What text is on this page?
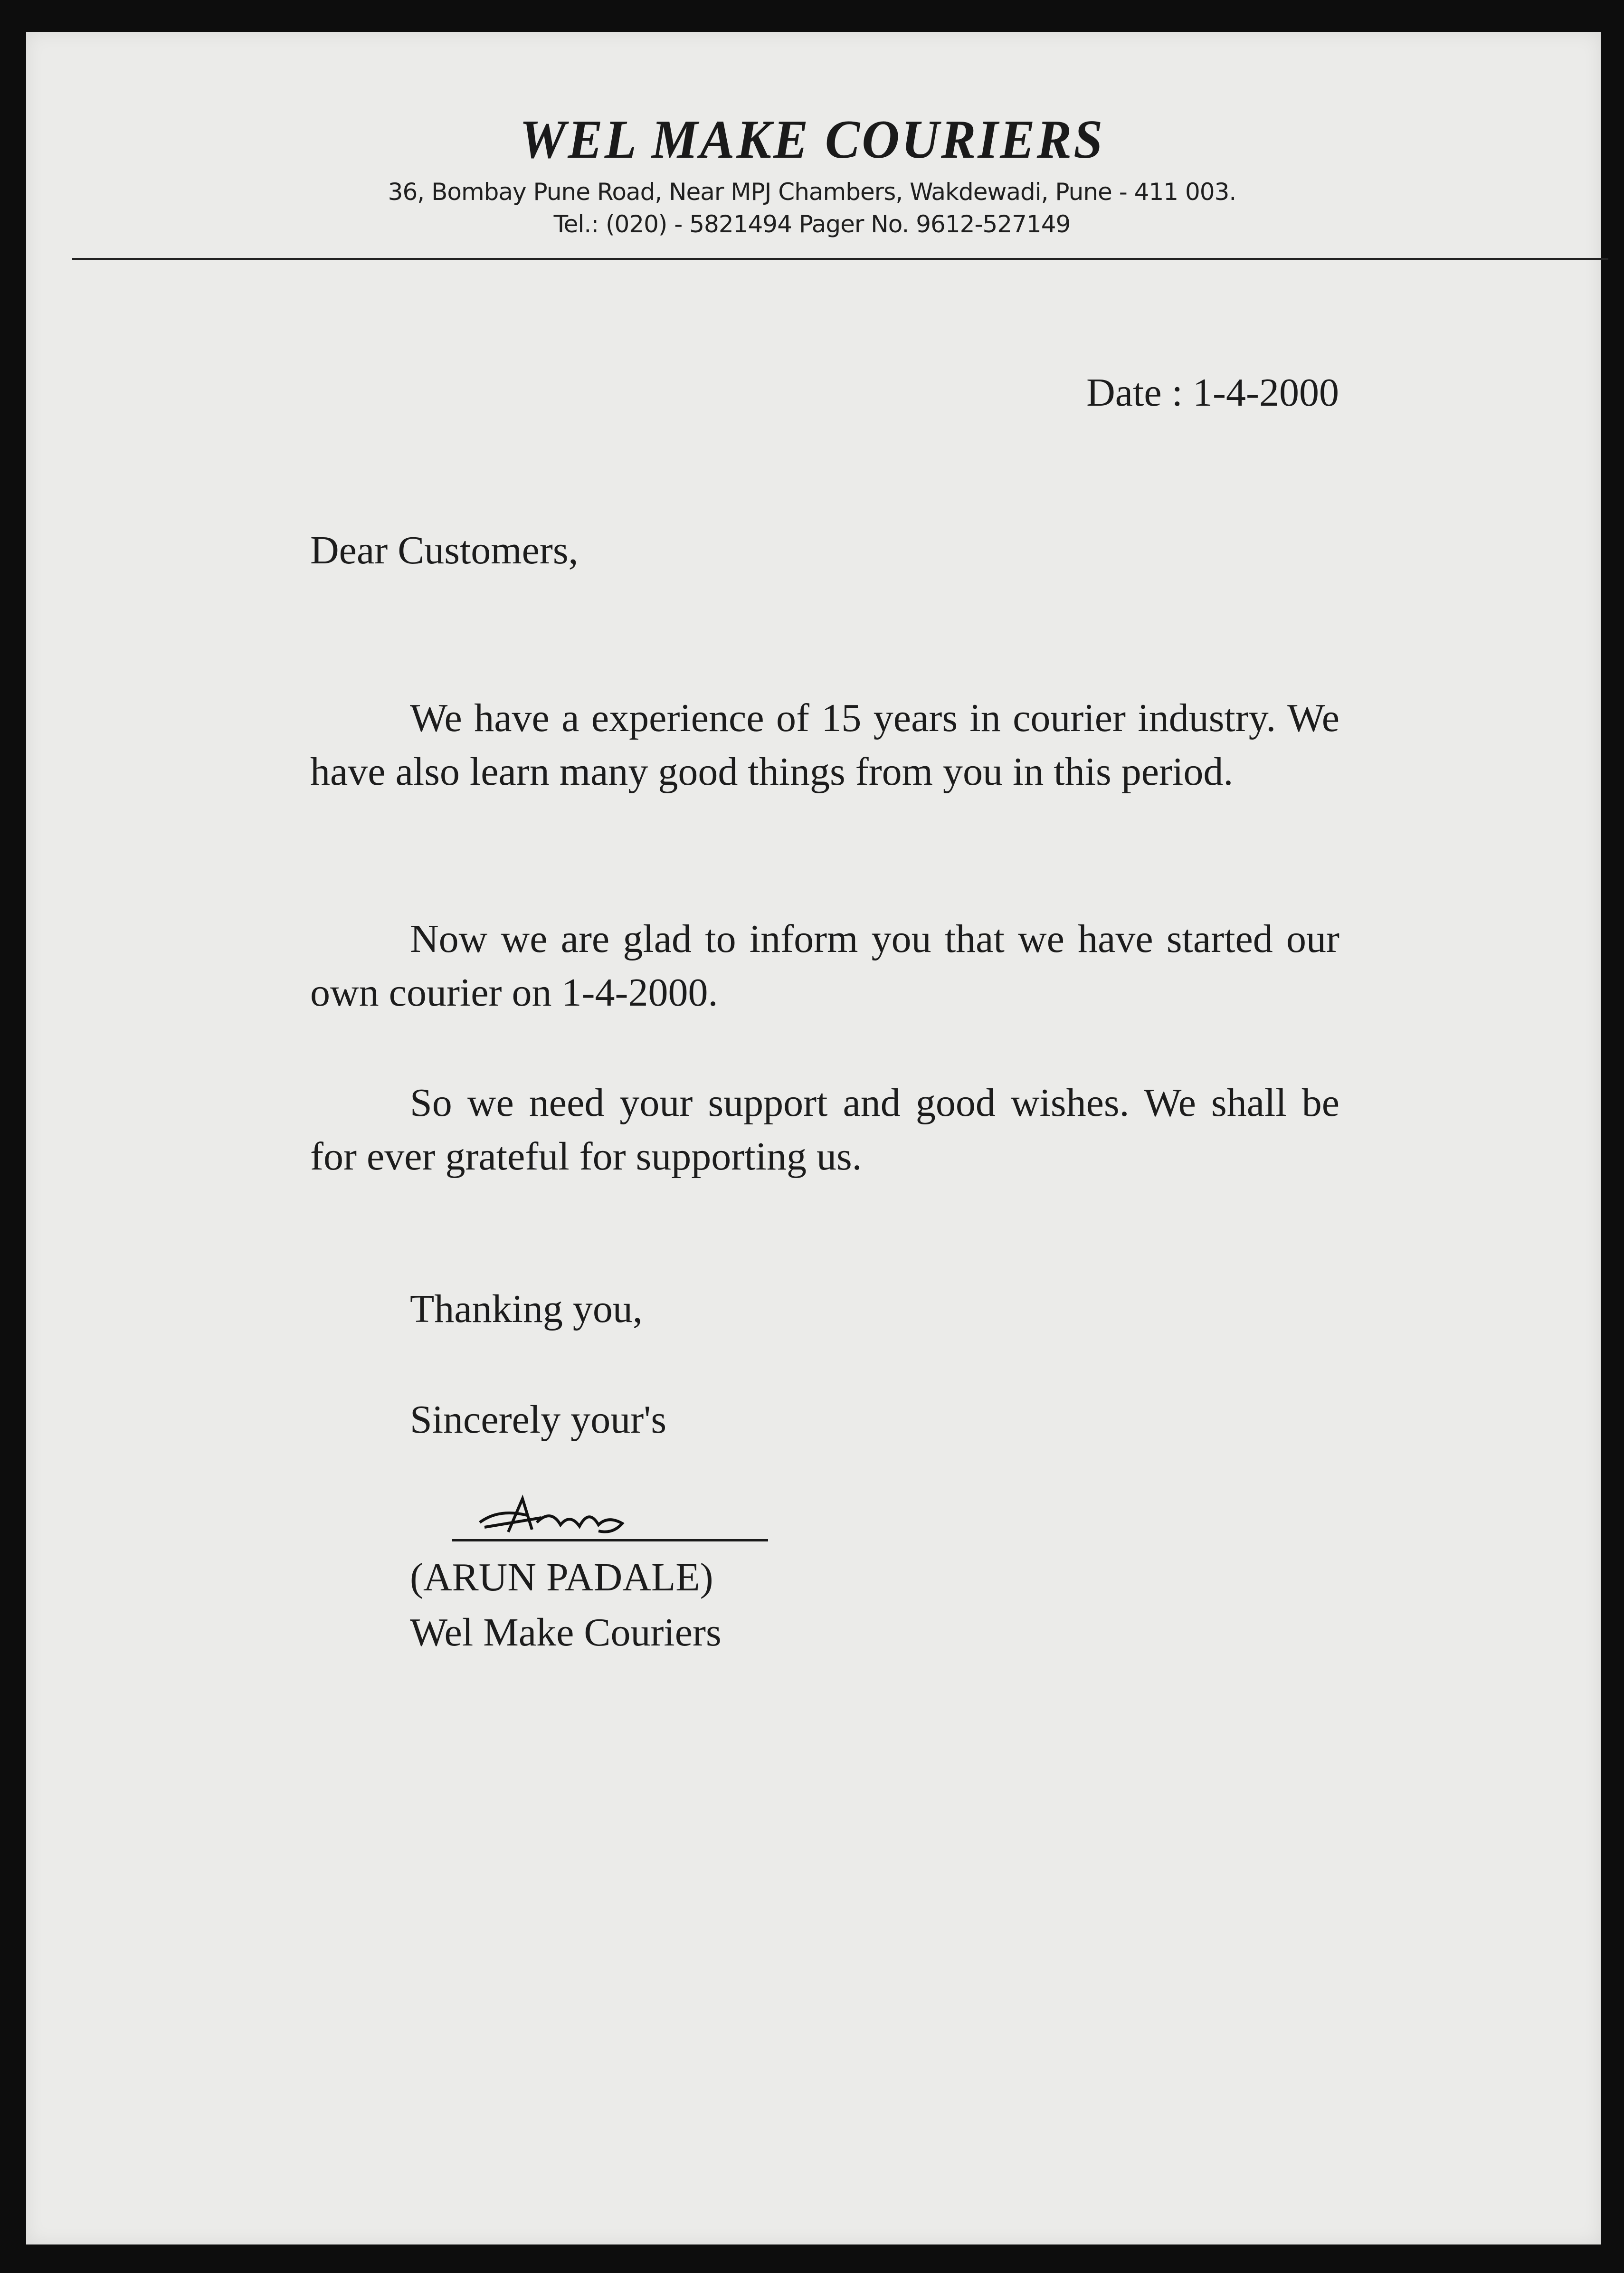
WEL MAKE COURIERS
36, Bombay Pune Road, Near MPJ Chambers, Wakdewadi, Pune - 411 003.
Tel.: (020) - 5821494 Pager No. 9612-527149
Date : 1-4-2000
Dear Customers,
We have a experience of 15 years in courier industry. We have also learn many good things from you in this period.
Now we are glad to inform you that we have started our own courier on 1-4-2000.
So we need your support and good wishes. We shall be for ever grateful for supporting us.
Thanking you,
Sincerely your's
(ARUN PADALE)
Wel Make Couriers
